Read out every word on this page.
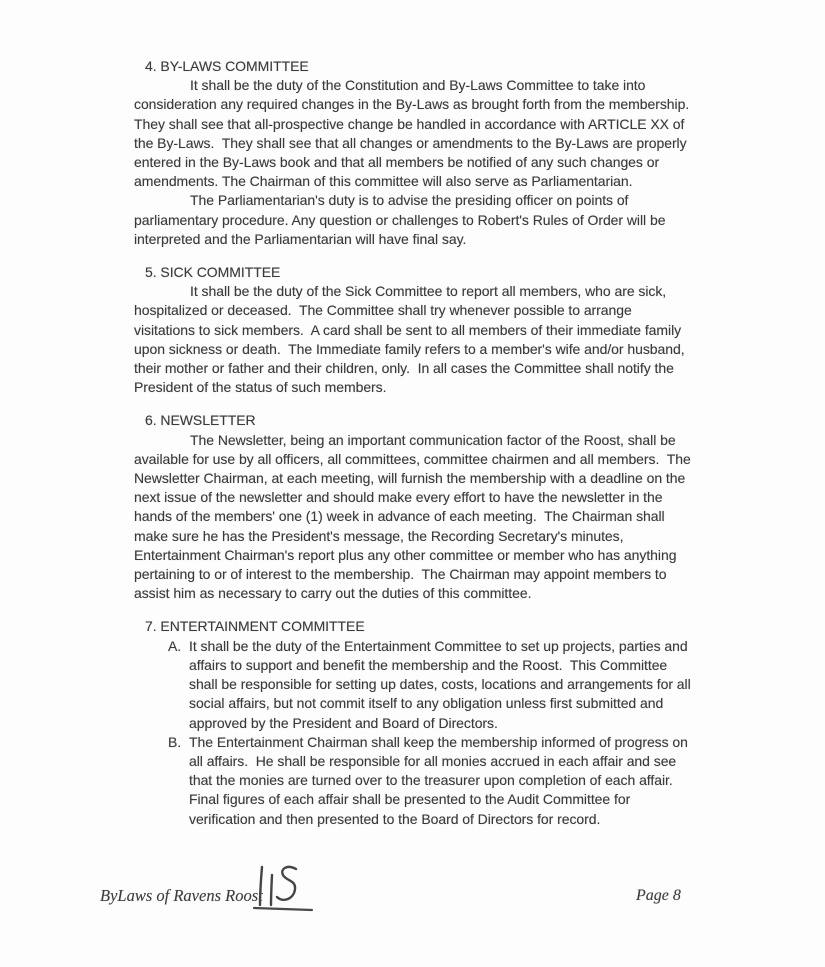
4. BY-LAWS COMMITTEE
It shall be the duty of the Constitution and By-Laws Committee to take into
consideration any required changes in the By-Laws as brought forth from the membership.
They shall see that all-prospective change be handled in accordance with ARTICLE XX of
the By-Laws.  They shall see that all changes or amendments to the By-Laws are properly
entered in the By-Laws book and that all members be notified of any such changes or
amendments. The Chairman of this committee will also serve as Parliamentarian.
The Parliamentarian's duty is to advise the presiding officer on points of
parliamentary procedure. Any question or challenges to Robert's Rules of Order will be
interpreted and the Parliamentarian will have final say.
5. SICK COMMITTEE
It shall be the duty of the Sick Committee to report all members, who are sick,
hospitalized or deceased.  The Committee shall try whenever possible to arrange
visitations to sick members.  A card shall be sent to all members of their immediate family
upon sickness or death.  The Immediate family refers to a member's wife and/or husband,
their mother or father and their children, only.  In all cases the Committee shall notify the
President of the status of such members.
6. NEWSLETTER
The Newsletter, being an important communication factor of the Roost, shall be
available for use by all officers, all committees, committee chairmen and all members.  The
Newsletter Chairman, at each meeting, will furnish the membership with a deadline on the
next issue of the newsletter and should make every effort to have the newsletter in the
hands of the members' one (1) week in advance of each meeting.  The Chairman shall
make sure he has the President's message, the Recording Secretary's minutes,
Entertainment Chairman's report plus any other committee or member who has anything
pertaining to or of interest to the membership.  The Chairman may appoint members to
assist him as necessary to carry out the duties of this committee.
7. ENTERTAINMENT COMMITTEE
A. It shall be the duty of the Entertainment Committee to set up projects, parties and
affairs to support and benefit the membership and the Roost.  This Committee
shall be responsible for setting up dates, costs, locations and arrangements for all
social affairs, but not commit itself to any obligation unless first submitted and
approved by the President and Board of Directors.
B. The Entertainment Chairman shall keep the membership informed of progress on
all affairs.  He shall be responsible for all monies accrued in each affair and see
that the monies are turned over to the treasurer upon completion of each affair.
Final figures of each affair shall be presented to the Audit Committee for
verification and then presented to the Board of Directors for record.
ByLaws of Ravens Roost	Page 8
